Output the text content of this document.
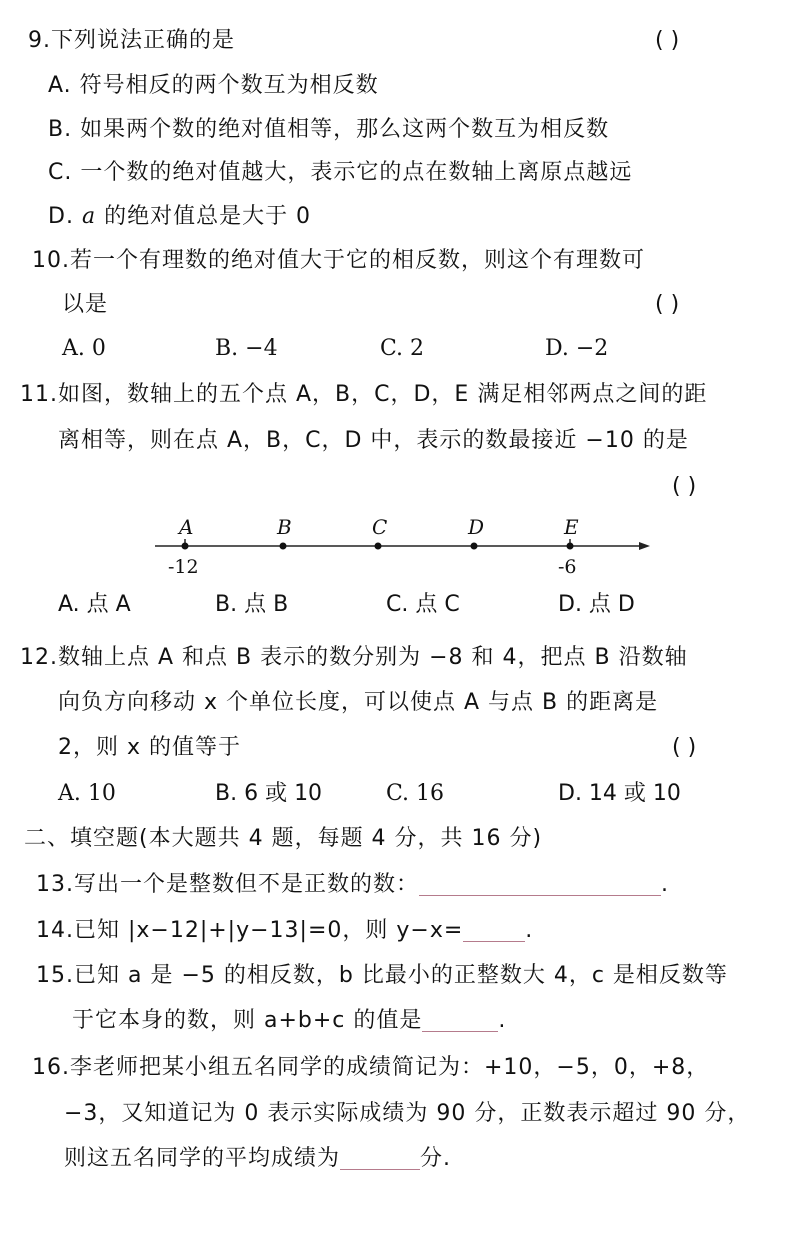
9.下列说法正确的是	( )
A. 符号相反的两个数互为相反数
B. 如果两个数的绝对值相等，那么这两个数互为相反数
C. 一个数的绝对值越大，表示它的点在数轴上离原点越远
D. a 的绝对值总是大于 0
10.若一个有理数的绝对值大于它的相反数，则这个有理数可
以是	( )
A. 0	B. −4	C. 2	D. −2
11.如图，数轴上的五个点 A，B，C，D，E 满足相邻两点之间的距
离相等，则在点 A，B，C，D 中，表示的数最接近 −10 的是
( )
A	B	C	D	E
-12	-6
A. 点 A	B. 点 B	C. 点 C	D. 点 D
12.数轴上点 A 和点 B 表示的数分别为 −8 和 4，把点 B 沿数轴
向负方向移动 x 个单位长度，可以使点 A 与点 B 的距离是
2，则 x 的值等于	( )
A. 10	B. 6 或 10	C. 16	D. 14 或 10
二、填空题(本大题共 4 题，每题 4 分，共 16 分)
13.写出一个是整数但不是正数的数：	.
14.已知 |x−12|+|y−13|=0，则 y−x=	.
15.已知 a 是 −5 的相反数，b 比最小的正整数大 4，c 是相反数等
于它本身的数，则 a+b+c 的值是	.
16.李老师把某小组五名同学的成绩简记为：+10，−5，0，+8，
−3，又知道记为 0 表示实际成绩为 90 分，正数表示超过 90 分，
则这五名同学的平均成绩为	分.
